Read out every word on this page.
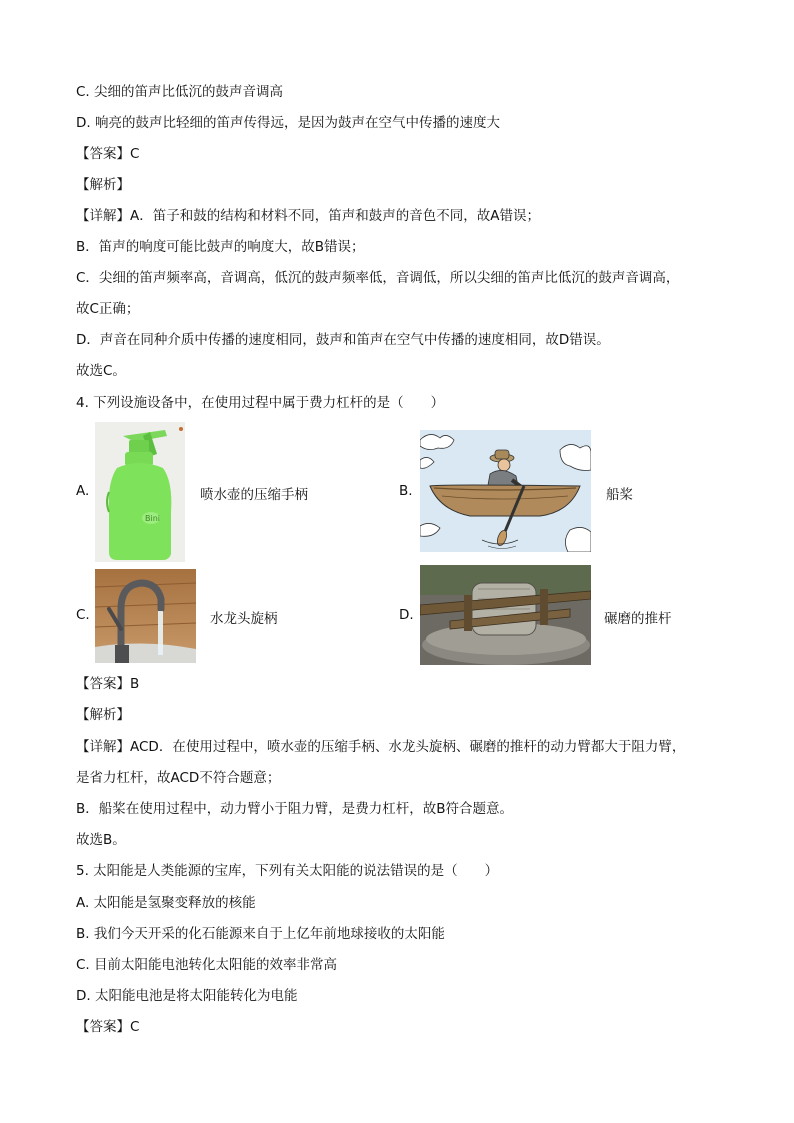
C. 尖细的笛声比低沉的鼓声音调高
D. 响亮的鼓声比轻细的笛声传得远，是因为鼓声在空气中传播的速度大
【答案】C
【解析】
【详解】A．笛子和鼓的结构和材料不同，笛声和鼓声的音色不同，故A错误；
B．笛声的响度可能比鼓声的响度大，故B错误；
C．尖细的笛声频率高，音调高，低沉的鼓声频率低，音调低，所以尖细的笛声比低沉的鼓声音调高，
故C正确；
D．声音在同种介质中传播的速度相同，鼓声和笛声在空气中传播的速度相同，故D错误。
故选C。
4. 下列设施设备中，在使用过程中属于费力杠杆的是（　　）
A.
Bini
喷水壶的压缩手柄	B.	船桨
C.	水龙头旋柄	D.	碾磨的推杆
【答案】B
【解析】
【详解】ACD．在使用过程中，喷水壶的压缩手柄、水龙头旋柄、碾磨的推杆的动力臂都大于阻力臂，
是省力杠杆，故ACD不符合题意；
B．船桨在使用过程中，动力臂小于阻力臂，是费力杠杆，故B符合题意。
故选B。
5. 太阳能是人类能源的宝库，下列有关太阳能的说法错误的是（　　）
A. 太阳能是氢聚变释放的核能
B. 我们今天开采的化石能源来自于上亿年前地球接收的太阳能
C. 目前太阳能电池转化太阳能的效率非常高
D. 太阳能电池是将太阳能转化为电能
【答案】C
